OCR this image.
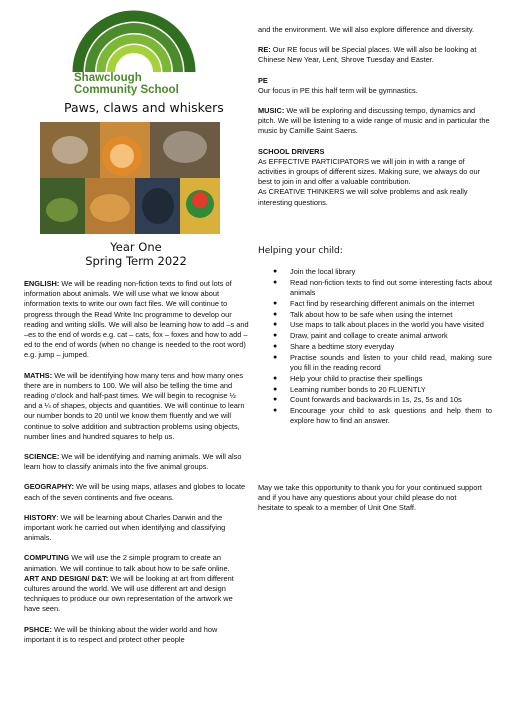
Shawclough
Community School
Paws, claws and whiskers
Year One
Spring Term 2022

ENGLISH: We will be reading non-fiction texts to find out lots of information about animals. We will use what we know about information texts to write our own fact files. We will continue to progress through the Read Write Inc programme to develop our reading and writing skills. We will also be learning how to add –s and –es to the end of words e.g. cat – cats, fox – foxes and how to add –ed to the end of words (when no change is needed to the root word) e.g. jump – jumped.

MATHS: We will be identifying how many tens and how many ones there are in numbers to 100. We will also be telling the time and reading o’clock and half-past times. We will begin to recognise ½ and a ¼ of shapes, objects and quantities. We will continue to learn our number bonds to 20 until we know them fluently and we will continue to solve addition and subtraction problems using objects, number lines and hundred squares to help us.

SCIENCE: We will be identifying and naming animals. We will also learn how to classify animals into the five animal groups.

GEOGRAPHY: We will be using maps, atlases and globes to locate each of the seven continents and five oceans.

HISTORY: We will be learning about Charles Darwin and the important work he carried out when identifying and classifying animals.

COMPUTING We will use the 2 simple program to create an animation. We will continue to talk about how to be safe online.

ART AND DESIGN/ D&T: We will be looking at art from different cultures around the world. We will use different art and design techniques to produce our own representation of the artwork we have seen.

PSHCE: We will be thinking about the wider world and how important it is to respect and protect other people

and the environment. We will also explore difference and diversity.

RE: Our RE focus will be Special places. We will also be looking at Chinese New Year, Lent, Shrove Tuesday and Easter.

PE
Our focus in PE this half term will be gymnastics.

MUSIC: We will be exploring and discussing tempo, dynamics and pitch. We will be listening to a wide range of music and in particular the music by Camille Saint Saens.

SCHOOL DRIVERS
As EFFECTIVE PARTICIPATORS we will join in with a range of activities in groups of different sizes. Making sure, we always do our best to join in and offer a valuable contribution.
As CREATIVE THINKERS we will solve problems and ask really interesting questions.

Helping your child:
● Join the local library
● Read non-fiction texts to find out some interesting facts about animals
● Fact find by researching different animals on the internet
● Talk about how to be safe when using the internet
● Use maps to talk about places in the world you have visited
● Draw, paint and collage to create animal artwork
● Share a bedtime story everyday
● Practise sounds and listen to your child read, making sure you fill in the reading record
● Help your child to practise their spellings
● Learning number bonds to 20 FLUENTLY
● Count forwards and backwards in 1s, 2s, 5s and 10s
● Encourage your child to ask questions and help them to explore how to find an answer.
May we take this opportunity to thank you for your continued support and if you have any questions about your child please do not hesitate to speak to a member of Unit One Staff.
